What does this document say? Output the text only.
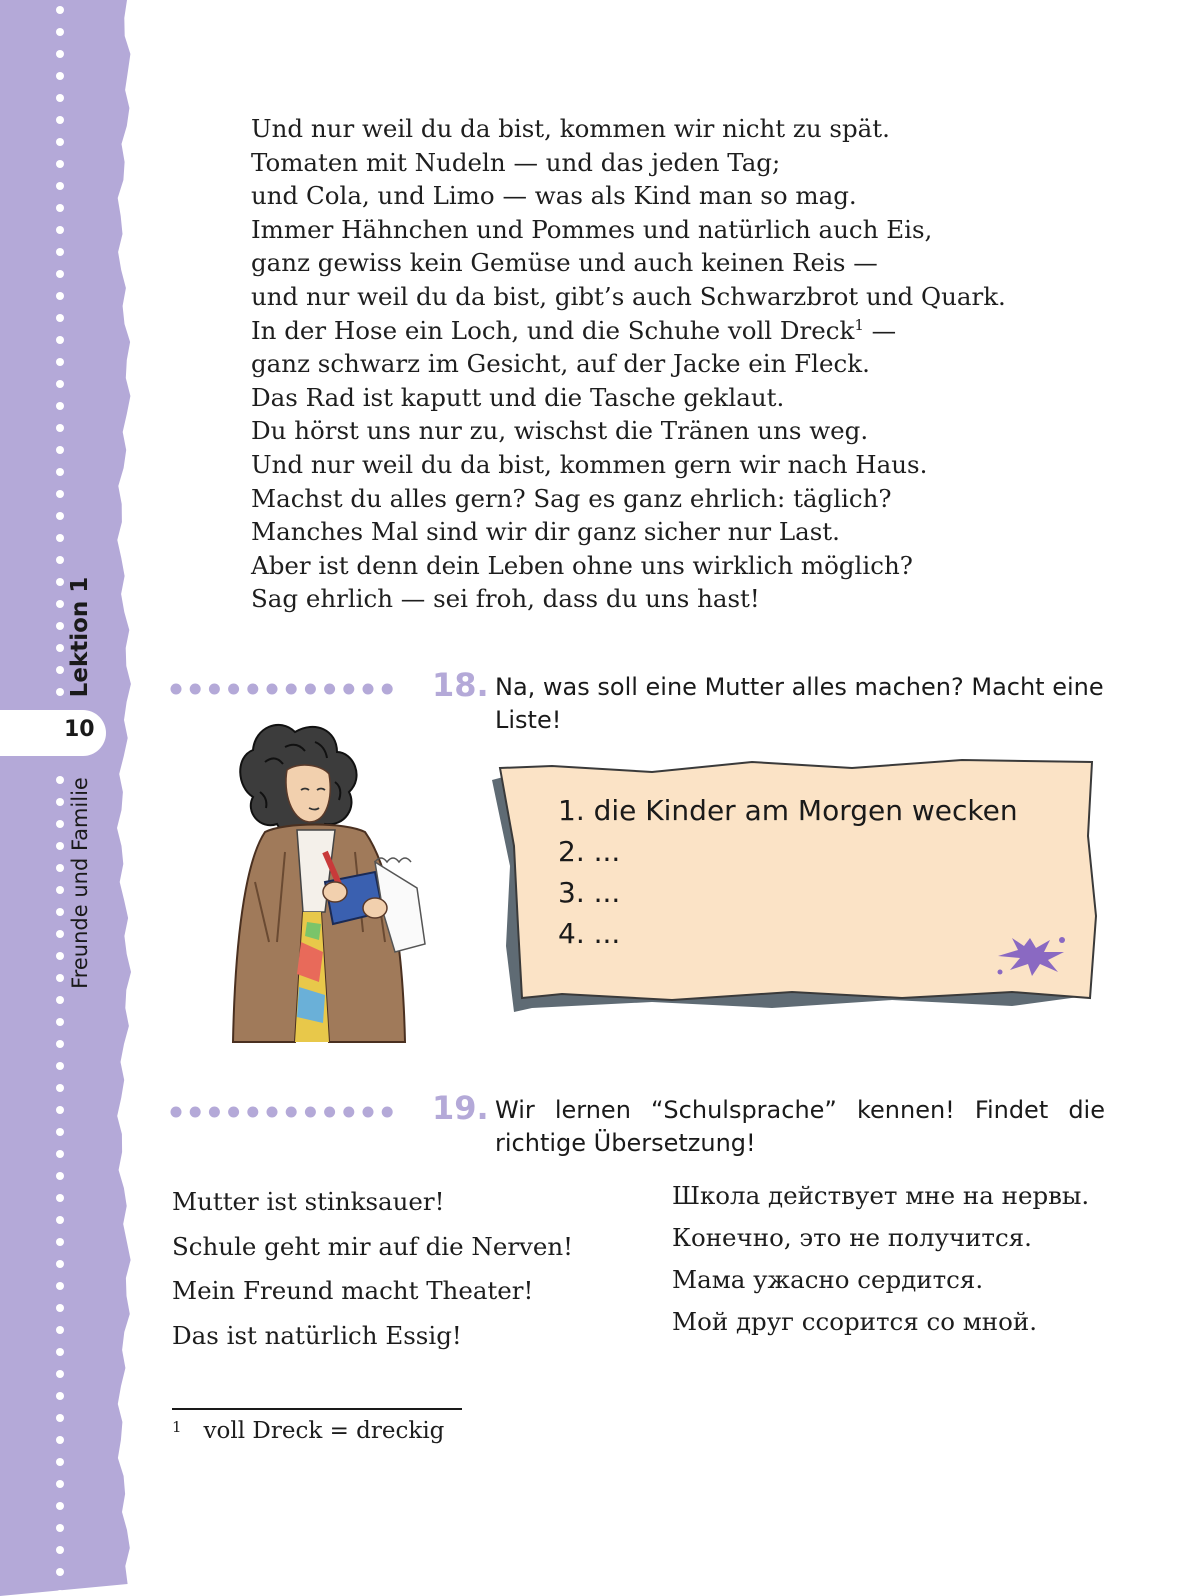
10
Lektion 1
Freunde und Familie
Und nur weil du da bist, kommen wir nicht zu spät.
Tomaten mit Nudeln — und das jeden Tag;
und Cola, und Limo — was als Kind man so mag.
Immer Hähnchen und Pommes und natürlich auch Eis,
ganz gewiss kein Gemüse und auch keinen Reis —
und nur weil du da bist, gibt’s auch Schwarzbrot und Quark.
In der Hose ein Loch, und die Schuhe voll Dreck$^1$ —
ganz schwarz im Gesicht, auf der Jacke ein Fleck.
Das Rad ist kaputt und die Tasche geklaut.
Du hörst uns nur zu, wischst die Tränen uns weg.
Und nur weil du da bist, kommen gern wir nach Haus.
Machst du alles gern? Sag es ganz ehrlich: täglich?
Manches Mal sind wir dir ganz sicher nur Last.
Aber ist denn dein Leben ohne uns wirklich möglich?
Sag ehrlich — sei froh, dass du uns hast!
18. Na, was soll eine Mutter alles machen? Macht eine Liste!
1. die Kinder am Morgen wecken
2. ...
3. ...
4. ...
19. Wir lernen “Schulsprache” kennen! Findet die richtige Übersetzung!
Mutter ist stinksauer!
Schule geht mir auf die Nerven!
Mein Freund macht Theater!
Das ist natürlich Essig!
Школа действует мне на нервы.
Конечно, это не получится.
Мама ужасно сердится.
Мой друг ссорится со мной.
$^1$ voll Dreck = dreckig
